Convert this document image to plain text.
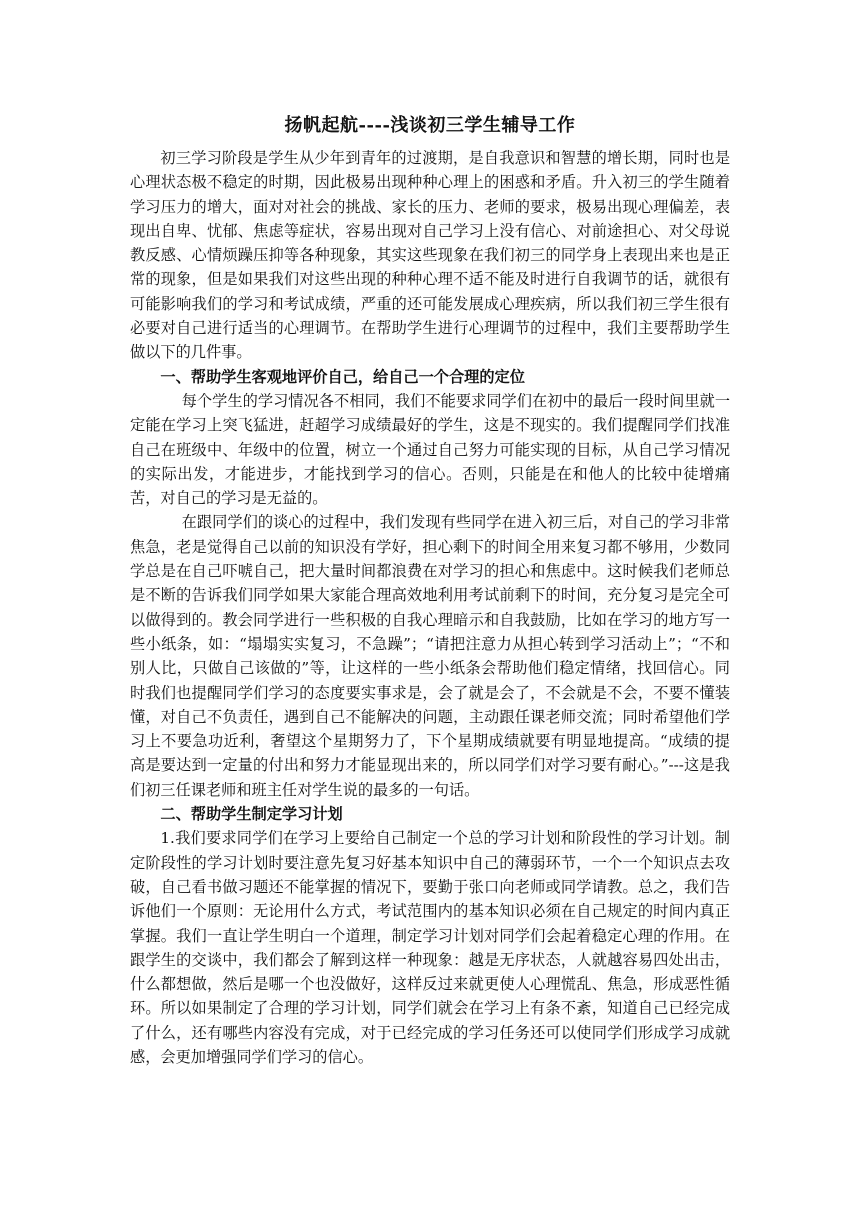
扬帆起航----浅谈初三学生辅导工作

初三学习阶段是学生从少年到青年的过渡期，是自我意识和智慧的增长期，同时也是心理状态极不稳定的时期，因此极易出现种种心理上的困惑和矛盾。升入初三的学生随着学习压力的增大，面对对社会的挑战、家长的压力、老师的要求，极易出现心理偏差，表现出自卑、忧郁、焦虑等症状，容易出现对自己学习上没有信心、对前途担心、对父母说教反感、心情烦躁压抑等各种现象，其实这些现象在我们初三的同学身上表现出来也是正常的现象，但是如果我们对这些出现的种种心理不适不能及时进行自我调节的话，就很有可能影响我们的学习和考试成绩，严重的还可能发展成心理疾病，所以我们初三学生很有必要对自己进行适当的心理调节。在帮助学生进行心理调节的过程中，我们主要帮助学生做以下的几件事。

一、帮助学生客观地评价自己，给自己一个合理的定位

每个学生的学习情况各不相同，我们不能要求同学们在初中的最后一段时间里就一定能在学习上突飞猛进，赶超学习成绩最好的学生，这是不现实的。我们提醒同学们找准自己在班级中、年级中的位置，树立一个通过自己努力可能实现的目标，从自己学习情况的实际出发，才能进步，才能找到学习的信心。否则，只能是在和他人的比较中徒增痛苦，对自己的学习是无益的。

在跟同学们的谈心的过程中，我们发现有些同学在进入初三后，对自己的学习非常焦急，老是觉得自己以前的知识没有学好，担心剩下的时间全用来复习都不够用，少数同学总是在自己吓唬自己，把大量时间都浪费在对学习的担心和焦虑中。这时候我们老师总是不断的告诉我们同学如果大家能合理高效地利用考试前剩下的时间，充分复习是完全可以做得到的。教会同学进行一些积极的自我心理暗示和自我鼓励，比如在学习的地方写一些小纸条，如：“塌塌实实复习，不急躁”；“请把注意力从担心转到学习活动上”；“不和别人比，只做自己该做的”等，让这样的一些小纸条会帮助他们稳定情绪，找回信心。同时我们也提醒同学们学习的态度要实事求是，会了就是会了，不会就是不会，不要不懂装懂，对自己不负责任，遇到自己不能解决的问题，主动跟任课老师交流；同时希望他们学习上不要急功近利，奢望这个星期努力了，下个星期成绩就要有明显地提高。“成绩的提高是要达到一定量的付出和努力才能显现出来的，所以同学们对学习要有耐心。”---这是我们初三任课老师和班主任对学生说的最多的一句话。

二、帮助学生制定学习计划

1.我们要求同学们在学习上要给自己制定一个总的学习计划和阶段性的学习计划。制定阶段性的学习计划时要注意先复习好基本知识中自己的薄弱环节，一个一个知识点去攻破，自己看书做习题还不能掌握的情况下，要勤于张口向老师或同学请教。总之，我们告诉他们一个原则：无论用什么方式，考试范围内的基本知识必须在自己规定的时间内真正掌握。我们一直让学生明白一个道理，制定学习计划对同学们会起着稳定心理的作用。在跟学生的交谈中，我们都会了解到这样一种现象：越是无序状态，人就越容易四处出击，什么都想做，然后是哪一个也没做好，这样反过来就更使人心理慌乱、焦急，形成恶性循环。所以如果制定了合理的学习计划，同学们就会在学习上有条不紊，知道自己已经完成了什么，还有哪些内容没有完成，对于已经完成的学习任务还可以使同学们形成学习成就感，会更加增强同学们学习的信心。
